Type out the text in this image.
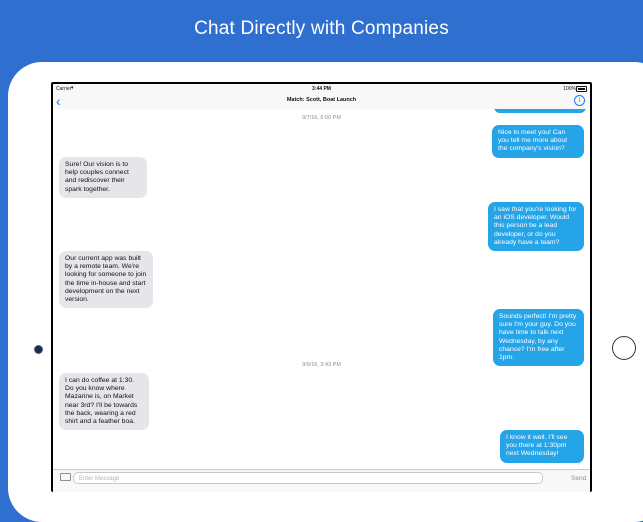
Chat Directly with Companies
Carrier ▾	3:44 PM	100%
‹	Match: Scott, Boat Launch	i
9/7/16, 6:00 PM
Nice to meet you! Can you tell me more about the company's vision?
Sure! Our vision is to help couples connect and rediscover their spark together.
I saw that you're looking for an iOS developer. Would this person be a lead developer, or do you already have a team?
Our current app was built by a remote team. We're looking for someone to join the time in-house and start development on the next version.
Sounds perfect! I'm pretty sure I'm your guy. Do you have time to talk next Wednesday, by any chance? I'm free after 1pm.
9/9/16, 3:43 PM
I can do coffee at 1:30. Do you know where Mazarine is, on Market near 3rd? I'll be towards the back, wearing a red shirt and a feather boa.
I know it well. I'll see you there at 1:30pm next Wednesday!
∕
Enter Message	Send
